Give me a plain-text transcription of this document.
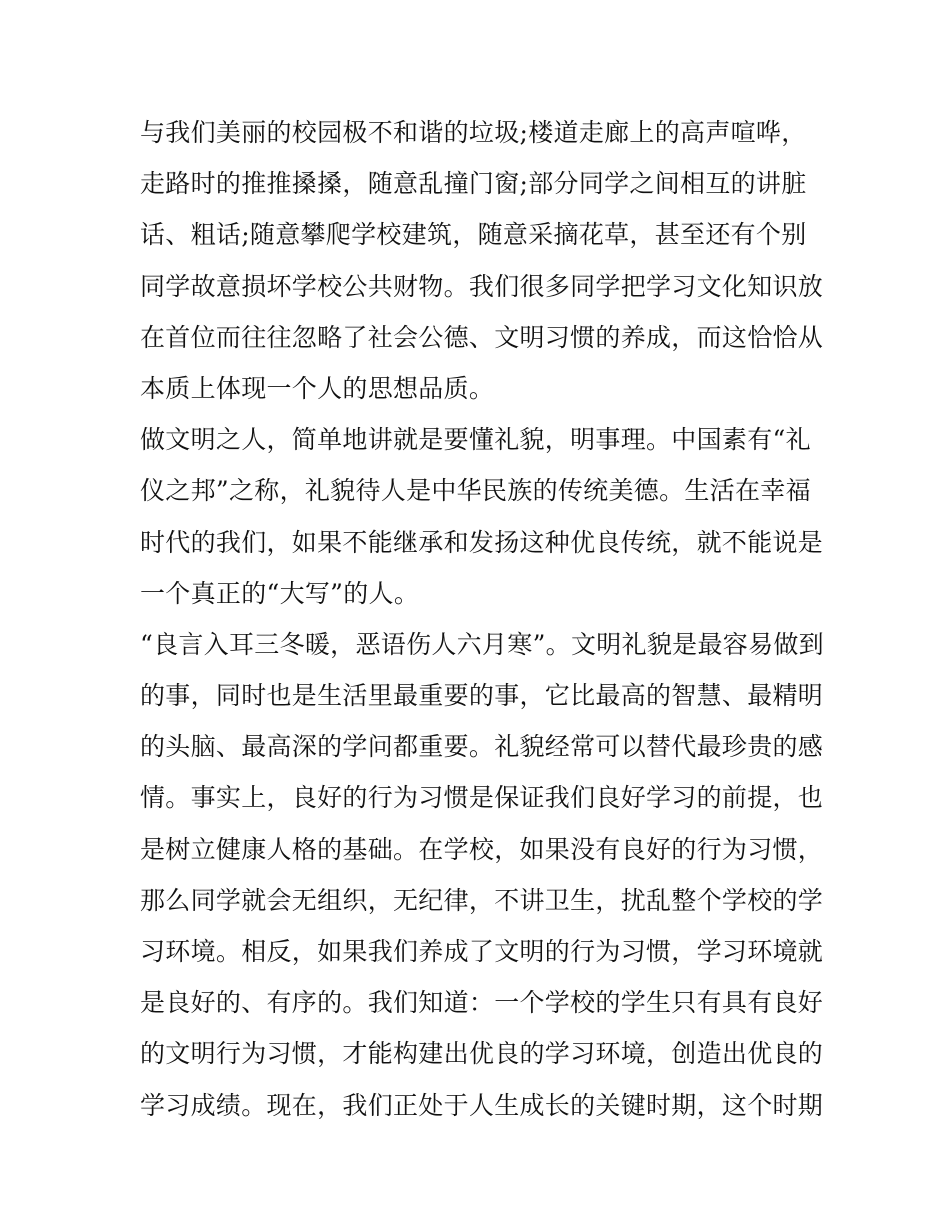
与我们美丽的校园极不和谐的垃圾;楼道走廊上的高声喧哗，
走路时的推推搡搡，随意乱撞门窗;部分同学之间相互的讲脏
话、粗话;随意攀爬学校建筑，随意采摘花草，甚至还有个别
同学故意损坏学校公共财物。我们很多同学把学习文化知识放
在首位而往往忽略了社会公德、文明习惯的养成，而这恰恰从
本质上体现一个人的思想品质。
做文明之人，简单地讲就是要懂礼貌，明事理。中国素有“礼
仪之邦”之称，礼貌待人是中华民族的传统美德。生活在幸福
时代的我们，如果不能继承和发扬这种优良传统，就不能说是
一个真正的“大写”的人。
“良言入耳三冬暖，恶语伤人六月寒”。文明礼貌是最容易做到
的事，同时也是生活里最重要的事，它比最高的智慧、最精明
的头脑、最高深的学问都重要。礼貌经常可以替代最珍贵的感
情。事实上，良好的行为习惯是保证我们良好学习的前提，也
是树立健康人格的基础。在学校，如果没有良好的行为习惯，
那么同学就会无组织，无纪律，不讲卫生，扰乱整个学校的学
习环境。相反，如果我们养成了文明的行为习惯，学习环境就
是良好的、有序的。我们知道：一个学校的学生只有具有良好
的文明行为习惯，才能构建出优良的学习环境，创造出优良的
学习成绩。现在，我们正处于人生成长的关键时期，这个时期
